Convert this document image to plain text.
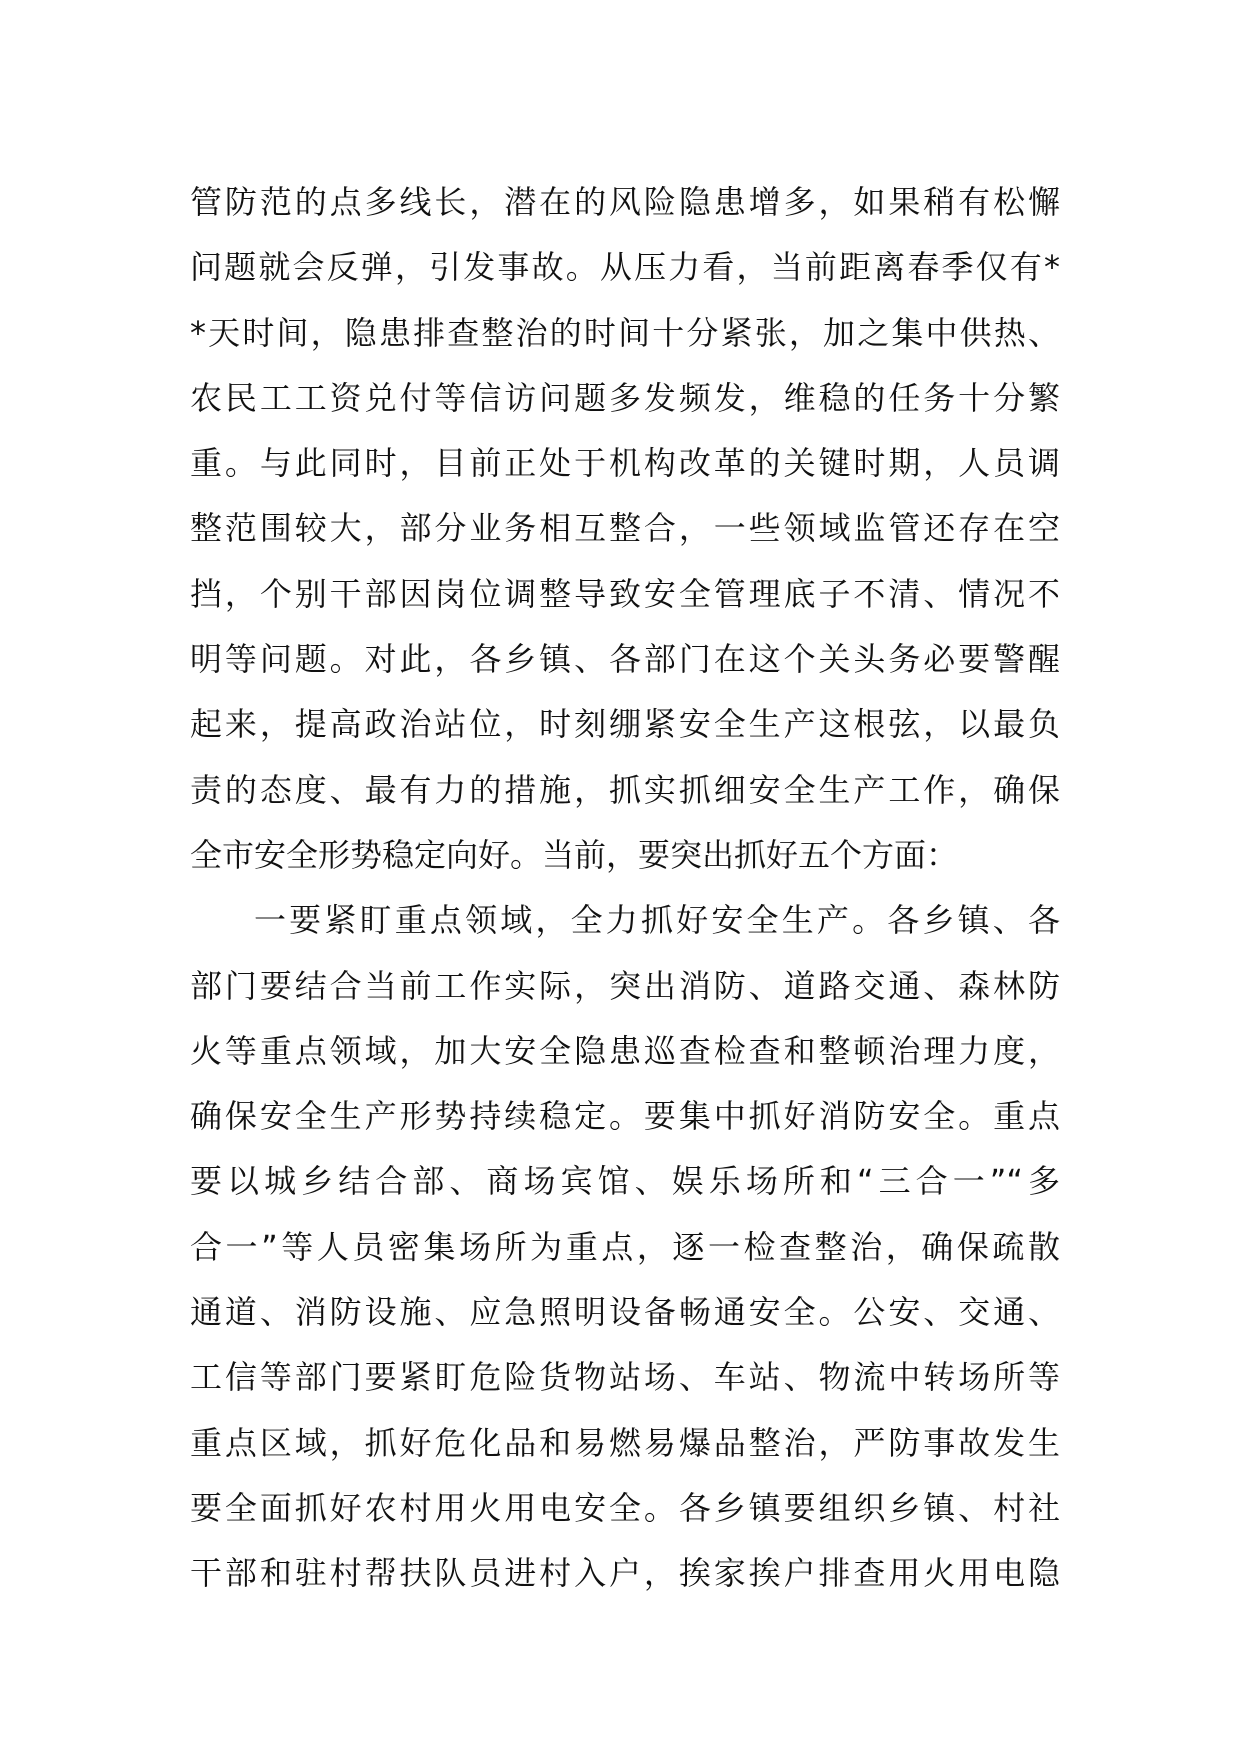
管防范的点多线长，潜在的风险隐患增多，如果稍有松懈
问题就会反弹，引发事故。从压力看，当前距离春季仅有*
*天时间，隐患排查整治的时间十分紧张，加之集中供热、
农民工工资兑付等信访问题多发频发，维稳的任务十分繁
重。与此同时，目前正处于机构改革的关键时期，人员调
整范围较大，部分业务相互整合，一些领域监管还存在空
挡，个别干部因岗位调整导致安全管理底子不清、情况不
明等问题。对此，各乡镇、各部门在这个关头务必要警醒
起来，提高政治站位，时刻绷紧安全生产这根弦，以最负
责的态度、最有力的措施，抓实抓细安全生产工作，确保
全市安全形势稳定向好。当前，要突出抓好五个方面：
一要紧盯重点领域，全力抓好安全生产。各乡镇、各
部门要结合当前工作实际，突出消防、道路交通、森林防
火等重点领域，加大安全隐患巡查检查和整顿治理力度，
确保安全生产形势持续稳定。要集中抓好消防安全。重点
要以城乡结合部、商场宾馆、娱乐场所和“三合一”“多
合一”等人员密集场所为重点，逐一检查整治，确保疏散
通道、消防设施、应急照明设备畅通安全。公安、交通、
工信等部门要紧盯危险货物站场、车站、物流中转场所等
重点区域，抓好危化品和易燃易爆品整治，严防事故发生
要全面抓好农村用火用电安全。各乡镇要组织乡镇、村社
干部和驻村帮扶队员进村入户，挨家挨户排查用火用电隐
